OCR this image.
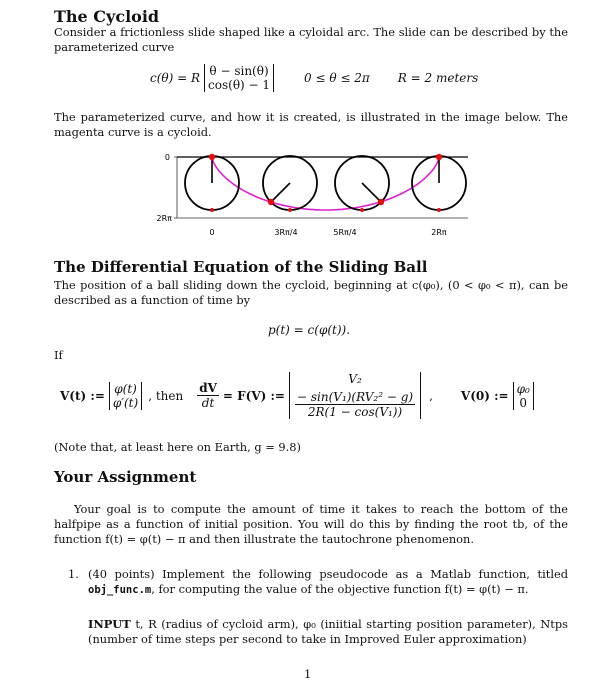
The Cycloid
Consider a frictionless slide shaped like a cyloidal arc. The slide can be described by the parameterized curve
c(θ) = R θ − sin(θ)
cos(θ) − 1	0 ≤ θ ≤ 2π R = 2 meters
The parameterized curve, and how it is created, is illustrated in the image below. The magenta curve is a cycloid.
0
2Rπ
0	3Rπ/4	5Rπ/4	2Rπ
The Differential Equation of the Sliding Ball
The position of a ball sliding down the cycloid, beginning at c(φ₀), (0 < φ₀ < π), can be described as a function of time by
p(t) = c(φ(t)).
If
V(t) := φ(t)
φ′(t) , then $\frac{dV}{dt} = F(V)$ :=
V₂
$\frac{\text{− sin(V₁)(RV₂² − g)}}{\text{2R(1 − cos(V₁))}}$ , V(0) := φ₀
0
(Note that, at least here on Earth, g = 9.8)
Your Assignment
Your goal is to compute the amount of time it takes to reach the bottom of the halfpipe as a function of initial position. You will do this by finding the root tb, of the function f(t) = φ(t) − π and then illustrate the tautochrone phenomenon.
1. (40 points) Implement the following pseudocode as a Matlab function, titled obj_func.m, for computing the value of the objective function f(t) = φ(t) − π.
INPUT t, R (radius of cycloid arm), φ₀ (iniitial starting position parameter), Ntps (number of time steps per second to take in Improved Euler approximation)
1
